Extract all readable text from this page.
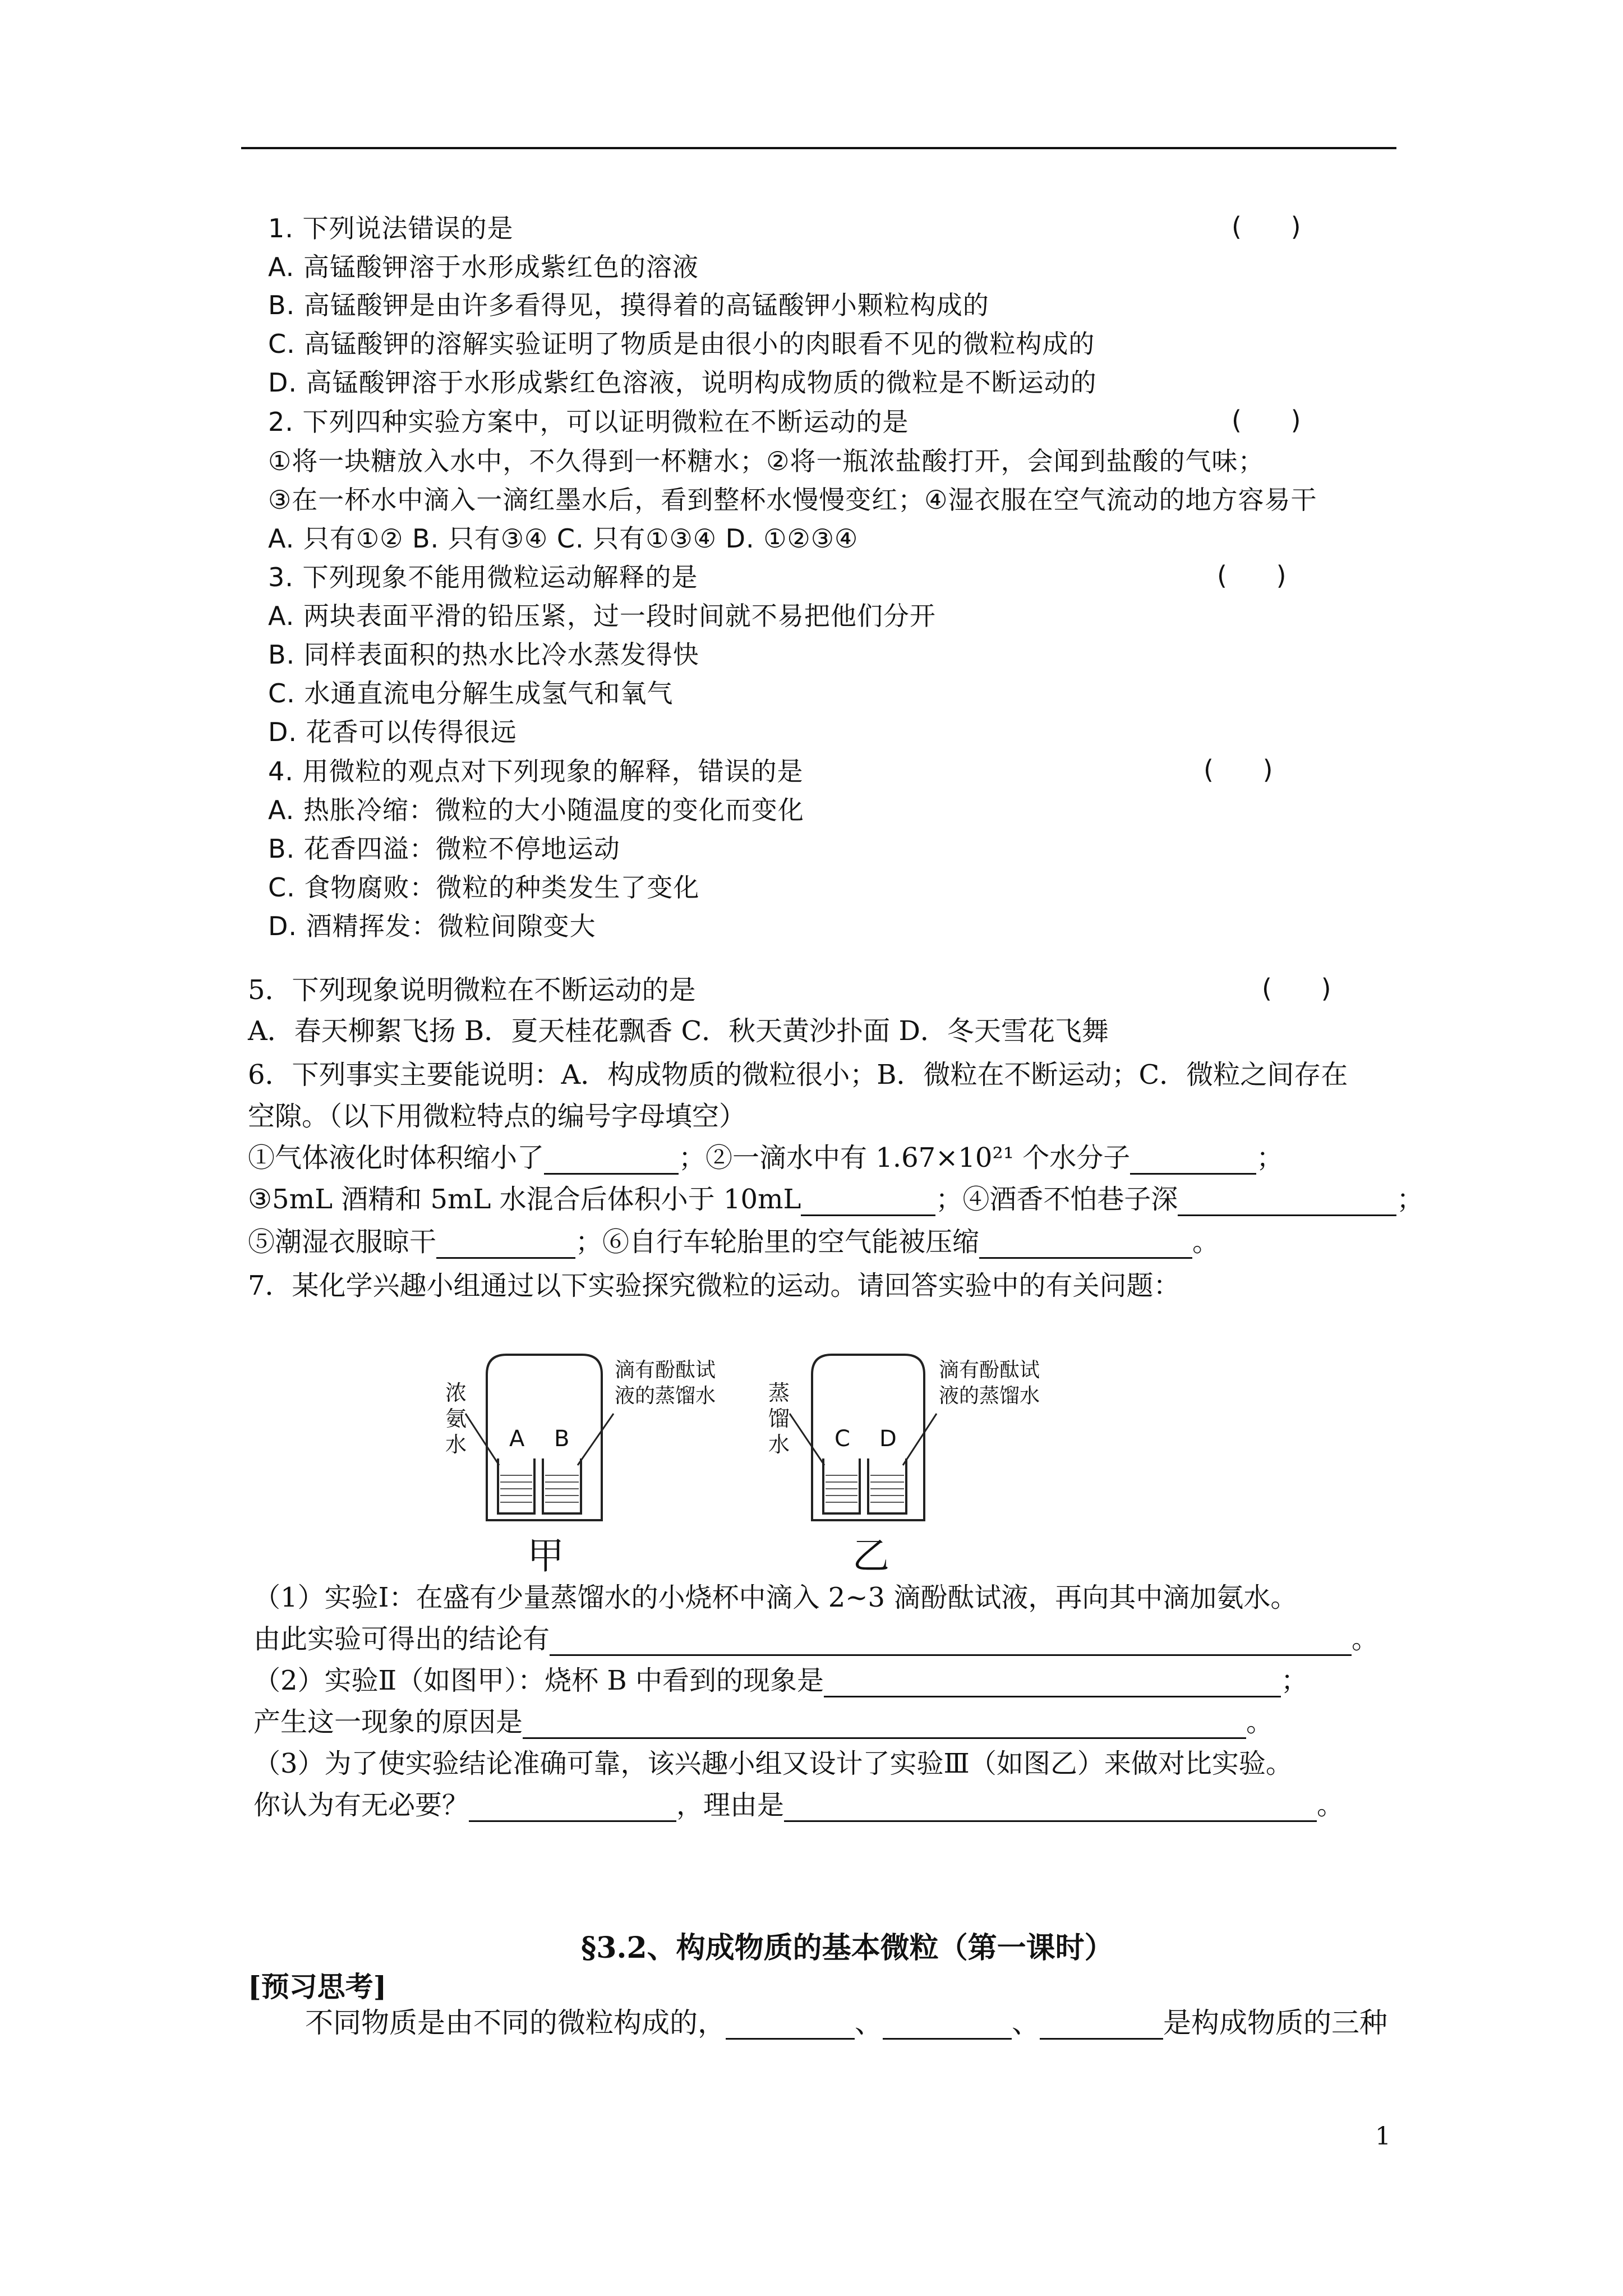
1. 下列说法错误的是	(      )
A. 高锰酸钾溶于水形成紫红色的溶液
B. 高锰酸钾是由许多看得见，摸得着的高锰酸钾小颗粒构成的
C. 高锰酸钾的溶解实验证明了物质是由很小的肉眼看不见的微粒构成的
D. 高锰酸钾溶于水形成紫红色溶液，说明构成物质的微粒是不断运动的
2. 下列四种实验方案中，可以证明微粒在不断运动的是	(      )
①将一块糖放入水中，不久得到一杯糖水；②将一瓶浓盐酸打开，会闻到盐酸的气味；
③在一杯水中滴入一滴红墨水后，看到整杯水慢慢变红；④湿衣服在空气流动的地方容易干
A. 只有①② B. 只有③④ C. 只有①③④ D. ①②③④
3. 下列现象不能用微粒运动解释的是	(      )
A. 两块表面平滑的铅压紧，过一段时间就不易把他们分开
B. 同样表面积的热水比冷水蒸发得快
C. 水通直流电分解生成氢气和氧气
D. 花香可以传得很远
4. 用微粒的观点对下列现象的解释，错误的是	(      )
A. 热胀冷缩：微粒的大小随温度的变化而变化
B. 花香四溢：微粒不停地运动
C. 食物腐败：微粒的种类发生了变化
D. 酒精挥发：微粒间隙变大
5．下列现象说明微粒在不断运动的是	(      )
A．春天柳絮飞扬 B．夏天桂花飘香 C．秋天黄沙扑面 D．冬天雪花飞舞
6．下列事实主要能说明：A．构成物质的微粒很小；B．微粒在不断运动；C．微粒之间存在
空隙。（以下用微粒特点的编号字母填空）
①气体液化时体积缩小了	；②一滴水中有 1.67×10²¹ 个水分子	；
③5mL 酒精和 5mL 水混合后体积小于 10mL	；④酒香不怕巷子深	；
⑤潮湿衣服晾干	；⑥自行车轮胎里的空气能被压缩	。
7．某化学兴趣小组通过以下实验探究微粒的运动。请回答实验中的有关问题：
浓氨水 A B
滴有酚酞试液的蒸馏水
甲
蒸馏水 C D
滴有酚酞试液的蒸馏水
乙
（1）实验Ⅰ：在盛有少量蒸馏水的小烧杯中滴入 2~3 滴酚酞试液，再向其中滴加氨水。
由此实验可得出的结论有	。
（2）实验Ⅱ（如图甲）：烧杯 B 中看到的现象是	；
产生这一现象的原因是	。
（3）为了使实验结论准确可靠，该兴趣小组又设计了实验Ⅲ（如图乙）来做对比实验。
你认为有无必要？	，理由是	。
§3.2、构成物质的基本微粒（第一课时）
[预习思考]
不同物质是由不同的微粒构成的，	、	、	是构成物质的三种
1
